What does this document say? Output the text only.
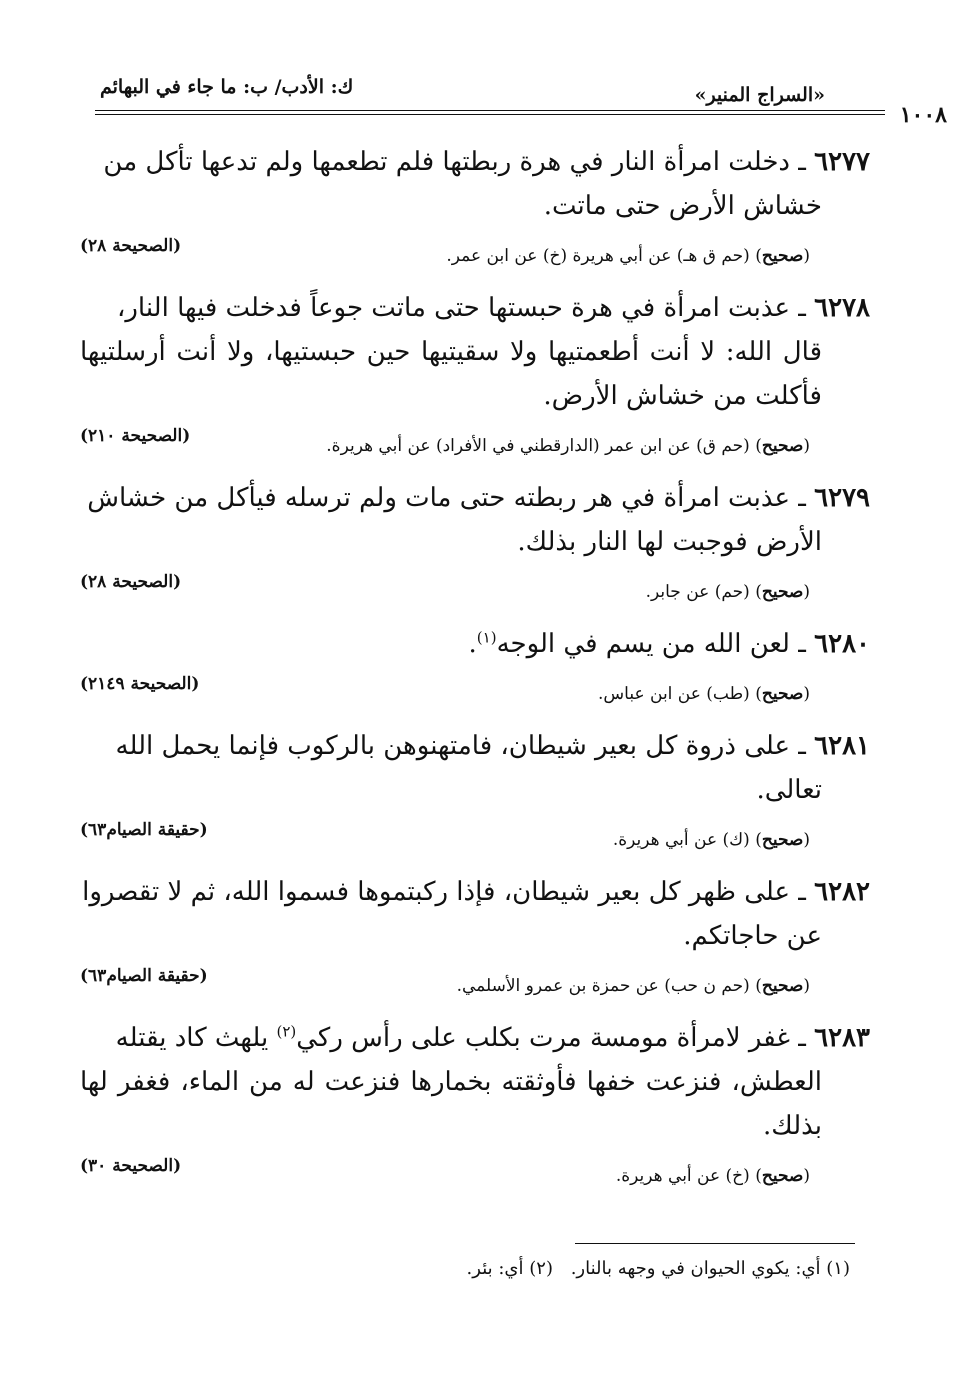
«السراج المنير»
ك: الأدب/ ب: ما جاء في البهائم
١٠٠٨

٦٢٧٧ ـ دخلت امرأة النار في هرة ربطتها فلم تطعمها ولم تدعها تأكل من
خشاش الأرض حتى ماتت.

(صحيح) (حم ق هـ) عن أبي هريرة (خ) عن ابن عمر.
(الصحيحة ٢٨)

٦٢٧٨ ـ عذبت امرأة في هرة حبستها حتى ماتت جوعاً فدخلت فيها النار،
قال الله: لا أنت أطعمتيها ولا سقيتيها حين حبستيها، ولا أنت أرسلتيها فأكلت من خشاش الأرض.

(صحيح) (حم ق) عن ابن عمر (الدارقطني في الأفراد) عن أبي هريرة.
(الصحيحة ٢١٠)

٦٢٧٩ ـ عذبت امرأة في هر ربطته حتى مات ولم ترسله فيأكل من خشاش
الأرض فوجبت لها النار بذلك.

(صحيح) (حم) عن جابر.
(الصحيحة ٢٨)

٦٢٨٠ ـ لعن الله من يسم في الوجه$^{(١)}$.

(صحيح) (طب) عن ابن عباس.
(الصحيحة ٢١٤٩)

٦٢٨١ ـ على ذروة كل بعير شيطان، فامتهنوهن بالركوب فإنما يحمل الله
تعالى.

(صحيح) (ك) عن أبي هريرة.
(حقيقة الصيام٦٣)

٦٢٨٢ ـ على ظهر كل بعير شيطان، فإذا ركبتموها فسموا الله، ثم لا تقصروا
عن حاجاتكم.

(صحيح) (حم ن حب) عن حمزة بن عمرو الأسلمي.
(حقيقة الصيام٦٣)

٦٢٨٣ ـ غفر لامرأة مومسة مرت بكلب على رأس ركي$^{(٢)}$ يلهث كاد يقتله
العطش، فنزعت خفها فأوثقته بخمارها فنزعت له من الماء، فغفر لها بذلك.

(صحيح) (خ) عن أبي هريرة.
(الصحيحة ٣٠)
(١) أي: يكوي الحيوان في وجهه بالنار. (٢) أي: بئر.
